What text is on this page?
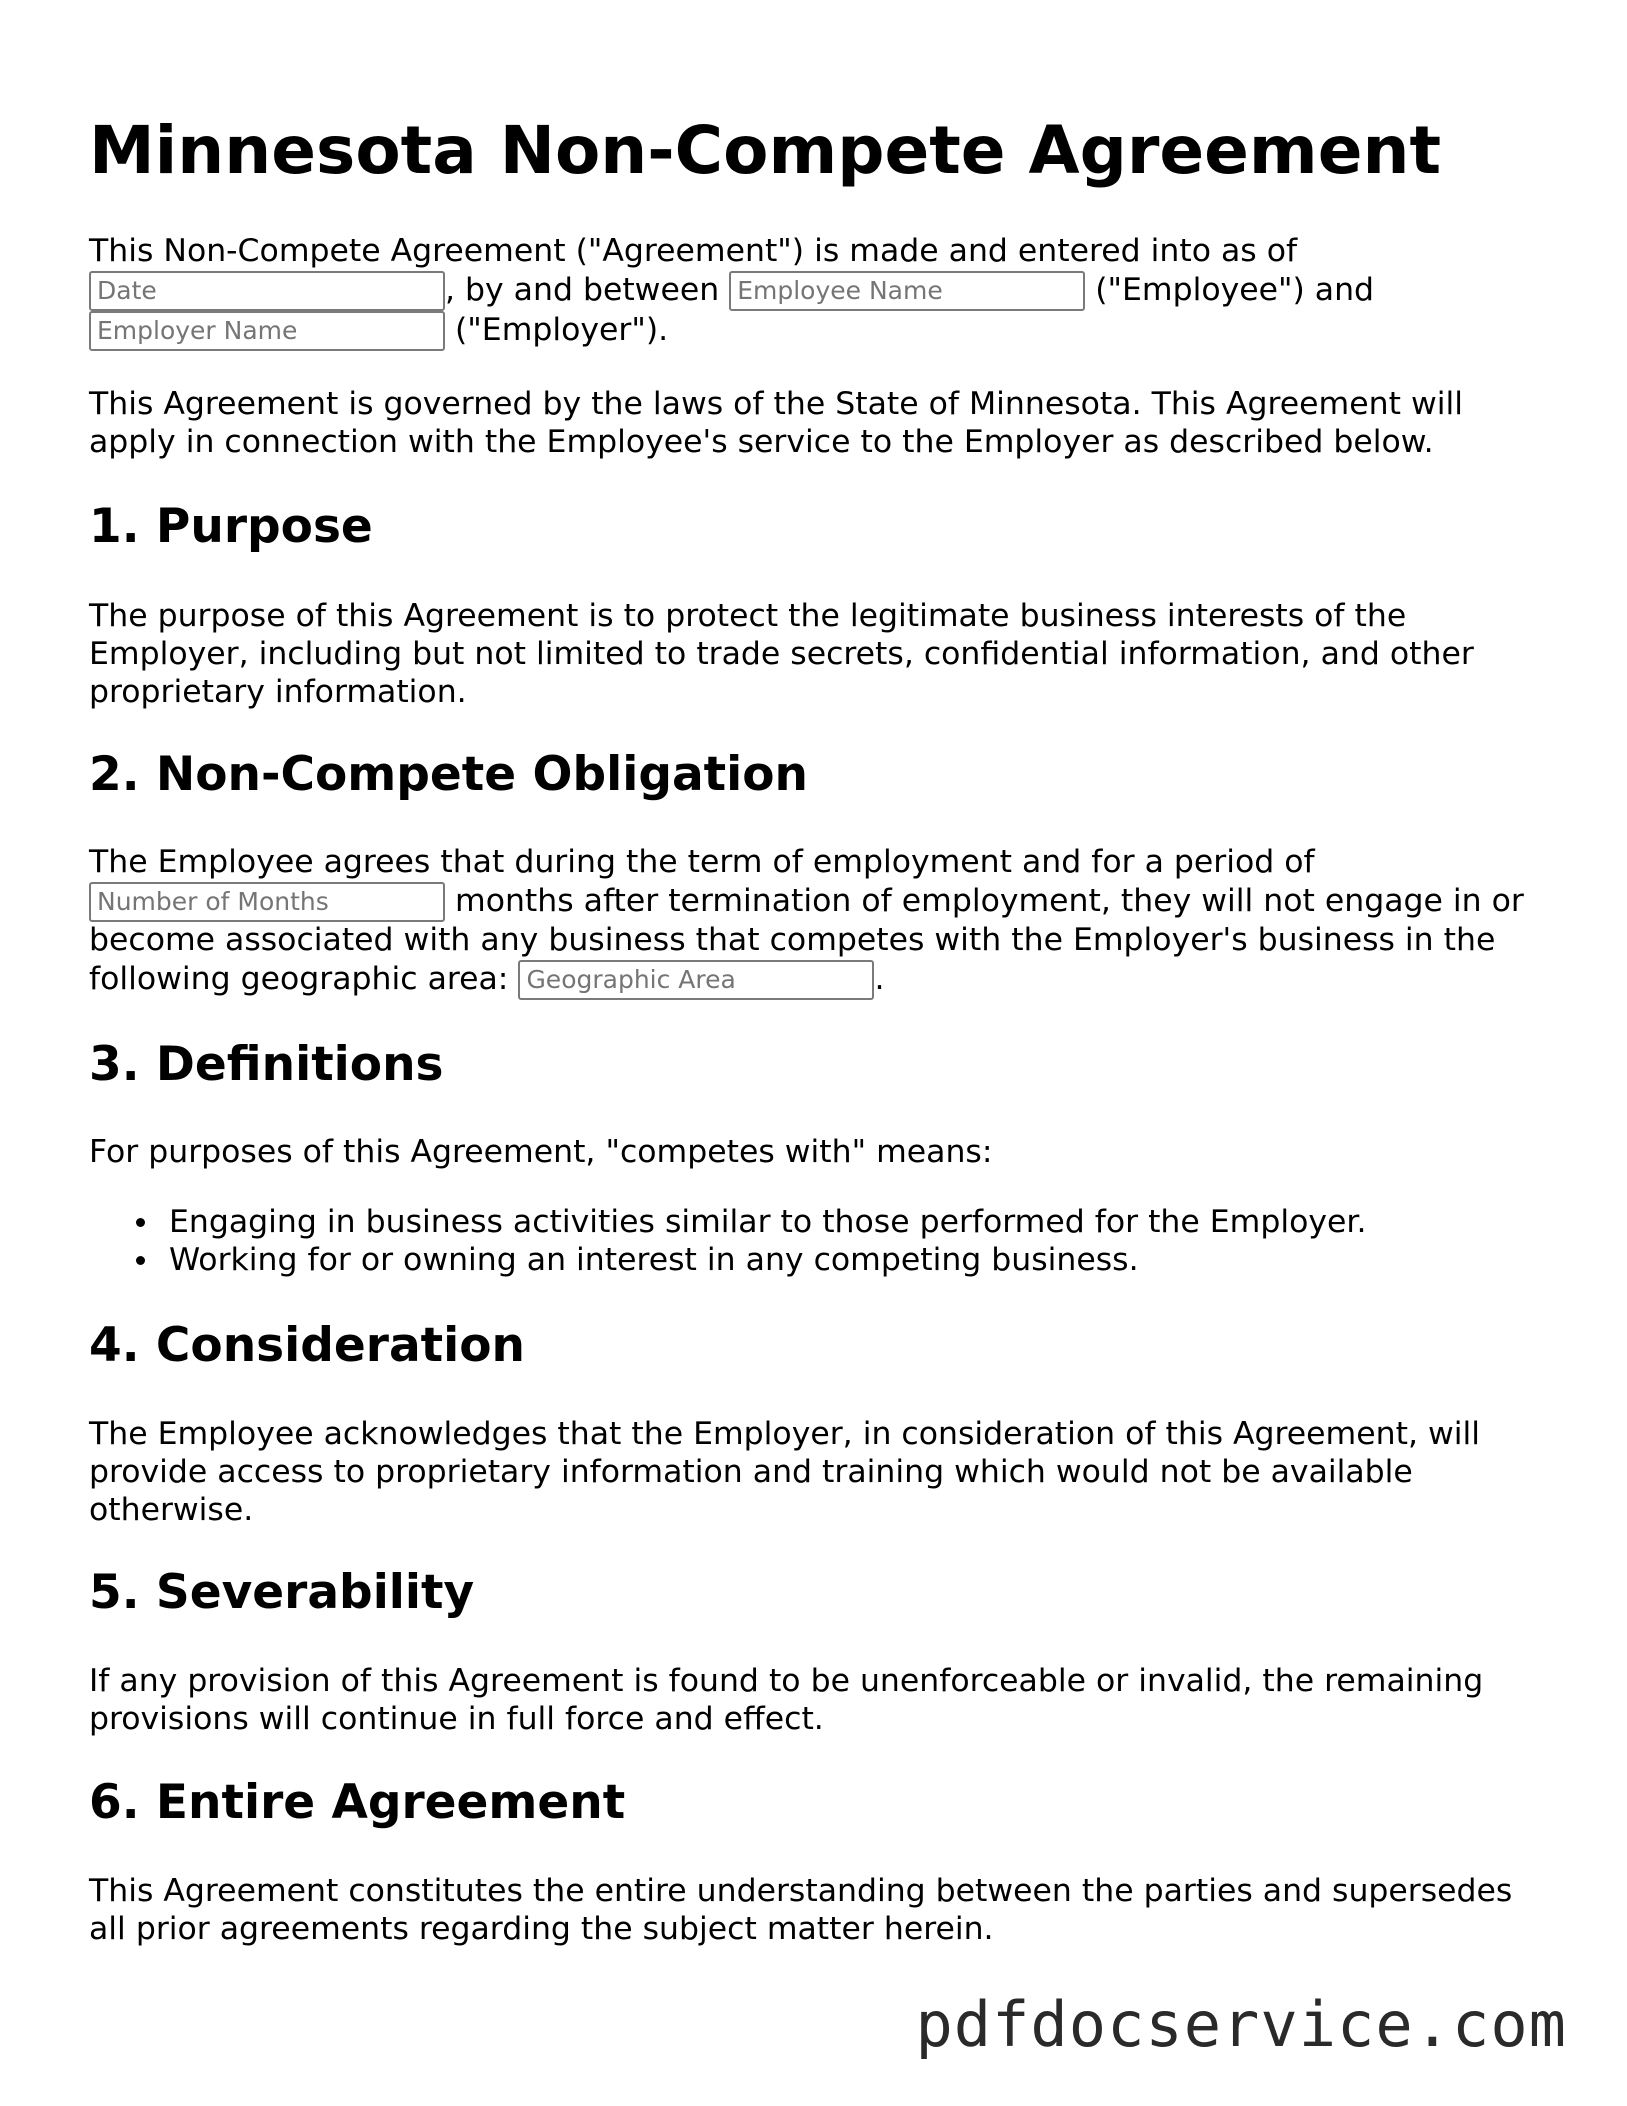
Minnesota Non-Compete Agreement
This Non-Compete Agreement ("Agreement") is made and entered into as of
Date	, by and between Employee Name	("Employee") and
Employer Name	("Employer").
This Agreement is governed by the laws of the State of Minnesota. This Agreement will
apply in connection with the Employee's service to the Employer as described below.
1. Purpose
The purpose of this Agreement is to protect the legitimate business interests of the
Employer, including but not limited to trade secrets, confidential information, and other
proprietary information.
2. Non-Compete Obligation
The Employee agrees that during the term of employment and for a period of
Number of Months	months after termination of employment, they will not engage in or
become associated with any business that competes with the Employer's business in the
following geographic area: Geographic Area	.
3. Definitions
For purposes of this Agreement, "competes with" means:
Engaging in business activities similar to those performed for the Employer.
Working for or owning an interest in any competing business.
4. Consideration
The Employee acknowledges that the Employer, in consideration of this Agreement, will
provide access to proprietary information and training which would not be available
otherwise.
5. Severability
If any provision of this Agreement is found to be unenforceable or invalid, the remaining
provisions will continue in full force and effect.
6. Entire Agreement
This Agreement constitutes the entire understanding between the parties and supersedes
all prior agreements regarding the subject matter herein.
pdfdocservice.com
